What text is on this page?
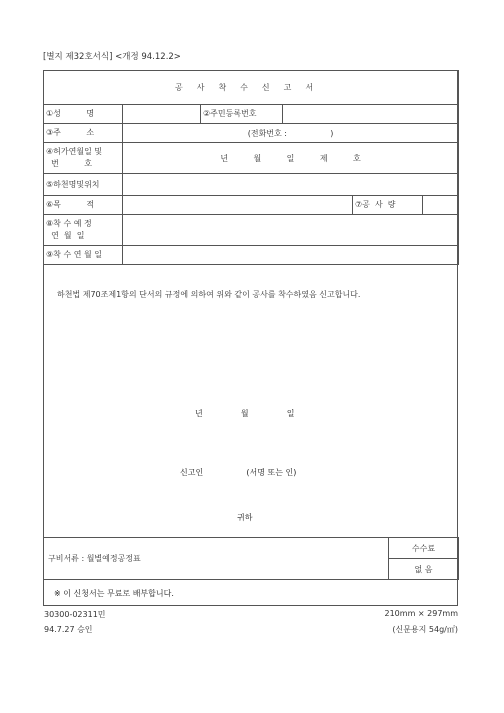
[별지 제32호서식] <개정 94.12.2>
공사착수신고서					
①성          명		②주민등록번호			
③주          소	(전화번호 :                 )				
④허가연월일 및
번          호	년          월          일          제          호				
⑤하천명및위치					
⑥목          적				⑦공  사  량	
⑧착 수 예 정
연  월  일					
⑨착 수 연 월 일					
하천법 제70조제1항의 단서의 규정에 의하여 위와 같이 공사를 착수하였음 신고합니다.
년               월               일
신고인                 (서명 또는 인)
귀하
구비서류 : 월별예정공정표	수수료
없 음
※ 이 신청서는 무료로 배부합니다.
30300-02311민
94.7.27 승인
210mm × 297mm
(신문용지 54g/㎡)
